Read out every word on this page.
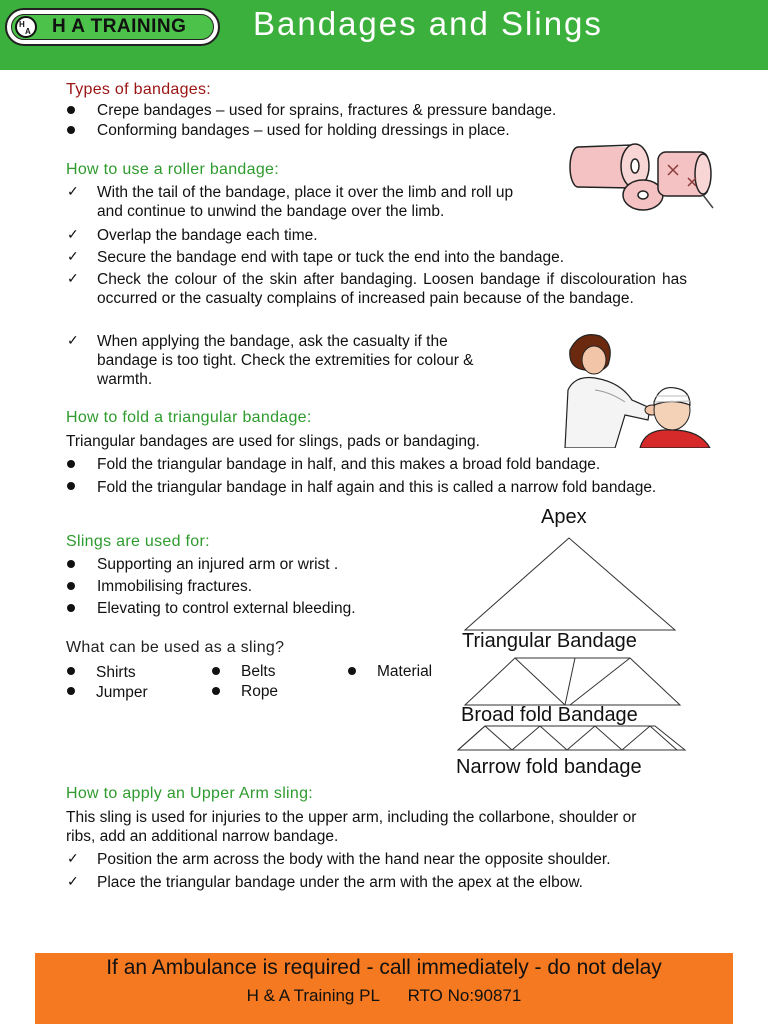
H
A H A TRAINING Bandages and Slings
Types of bandages:
Crepe bandages – used for sprains, fractures & pressure bandage.
Conforming bandages – used for holding dressings in place.
How to use a roller bandage:
✓ With the tail of the bandage, place it over the limb and roll up and continue to unwind the bandage over the limb.
✓ Overlap the bandage each time.
✓ Secure the bandage end with tape or tuck the end into the bandage.
✓ Check the colour of the skin after bandaging. Loosen bandage if discolouration has occurred or the casualty complains of increased pain because of the bandage.
✓ When applying the bandage, ask the casualty if the bandage is too tight. Check the extremities for colour & warmth.
How to fold a triangular bandage:
Triangular bandages are used for slings, pads or bandaging.
Fold the triangular bandage in half, and this makes a broad fold bandage.
Fold the triangular bandage in half again and this is called a narrow fold bandage.
Slings are used for:
Supporting an injured arm or wrist .
Immobilising fractures.
Elevating to control external bleeding.
What can be used as a sling?
Shirts
Jumper
Belts
Rope
Material
Apex
Triangular Bandage
Broad fold Bandage
Narrow fold bandage
How to apply an Upper Arm sling:
This sling is used for injuries to the upper arm, including the collarbone, shoulder or ribs, add an additional narrow bandage.
✓ Position the arm across the body with the hand near the opposite shoulder.
✓ Place the triangular bandage under the arm with the apex at the elbow.
If an Ambulance is required - call immediately - do not delay
H & A Training PL      RTO No:90871
